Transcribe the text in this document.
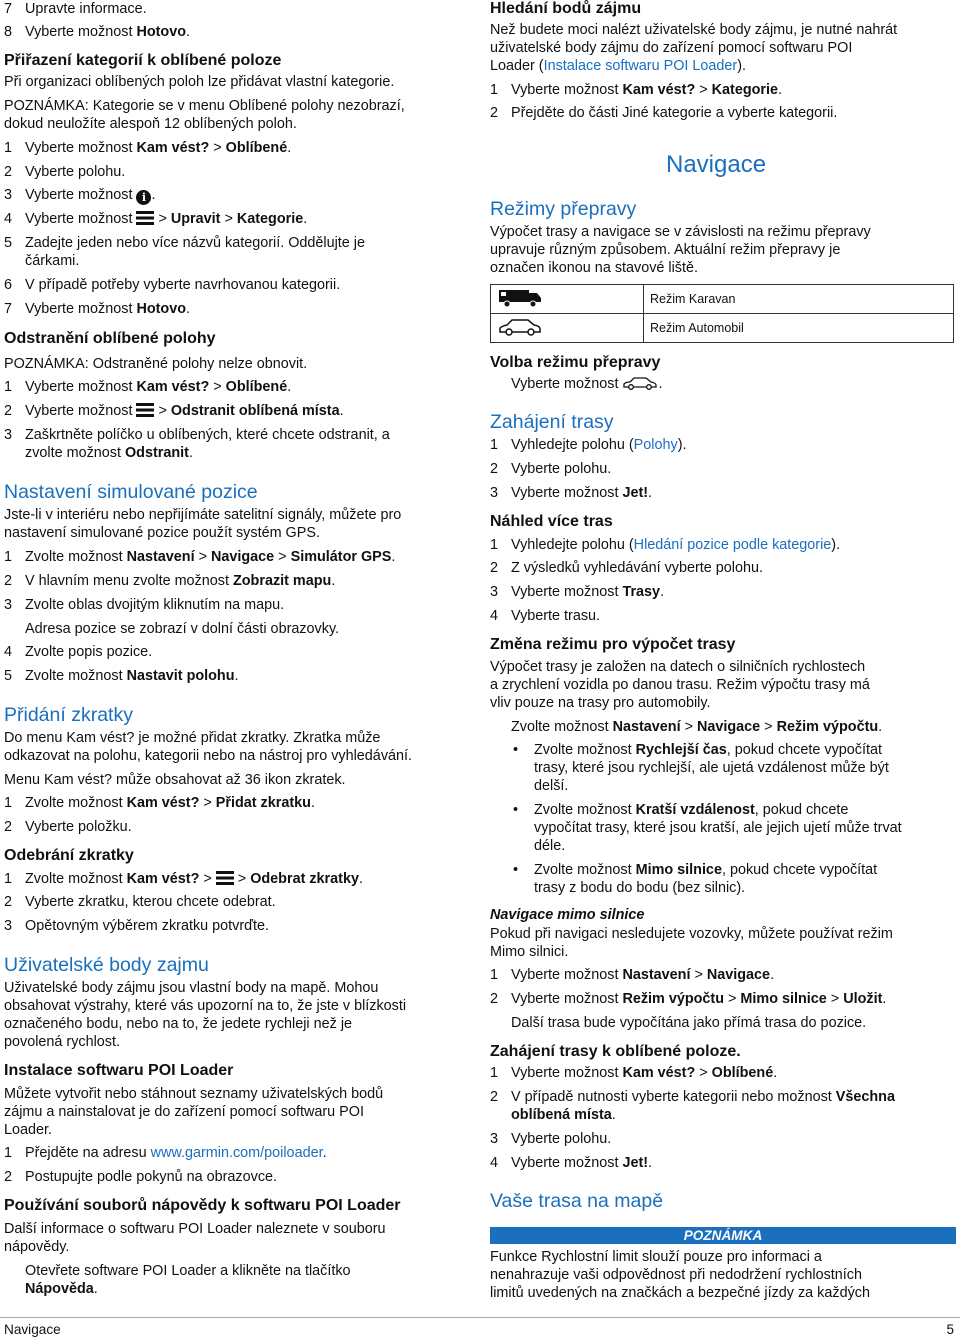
7 Upravte informace.
8 Vyberte možnost Hotovo.
Přiřazení kategorií k oblíbené poloze
Při organizaci oblíbených poloh lze přidávat vlastní kategorie.
POZNÁMKA: Kategorie se v menu Oblíbené polohy nezobrazí,
dokud neuložíte alespoň 12 oblíbených poloh.
1 Vyberte možnost Kam vést? > Oblíbené.
2 Vyberte polohu.
3 Vyberte možnost i .
4 Vyberte možnost  > Upravit > Kategorie.
5 Zadejte jeden nebo více názvů kategorií. Oddělujte je
čárkami.
6 V případě potřeby vyberte navrhovanou kategorii.
7 Vyberte možnost Hotovo.
Odstranění oblíbené polohy
POZNÁMKA: Odstraněné polohy nelze obnovit.
1 Vyberte možnost Kam vést? > Oblíbené.
2 Vyberte možnost  > Odstranit oblíbená místa.
3 Zaškrtněte políčko u oblíbených, které chcete odstranit, a
zvolte možnost Odstranit.
Nastavení simulované pozice
Jste-li v interiéru nebo nepřijímáte satelitní signály, můžete pro
nastavení simulované pozice použít systém GPS.
1 Zvolte možnost Nastavení > Navigace > Simulátor GPS.
2 V hlavním menu zvolte možnost Zobrazit mapu.
3 Zvolte oblas dvojitým kliknutím na mapu.
Adresa pozice se zobrazí v dolní části obrazovky.
4 Zvolte popis pozice.
5 Zvolte možnost Nastavit polohu.
Přidání zkratky
Do menu Kam vést? je možné přidat zkratky. Zkratka může
odkazovat na polohu, kategorii nebo na nástroj pro vyhledávání.
Menu Kam vést? může obsahovat až 36 ikon zkratek.
1 Zvolte možnost Kam vést? > Přidat zkratku.
2 Vyberte položku.
Odebrání zkratky
1 Zvolte možnost Kam vést? >  > Odebrat zkratky.
2 Vyberte zkratku, kterou chcete odebrat.
3 Opětovným výběrem zkratku potvrďte.
Uživatelské body zajmu
Uživatelské body zájmu jsou vlastní body na mapě. Mohou
obsahovat výstrahy, které vás upozorní na to, že jste v blízkosti
označeného bodu, nebo na to, že jedete rychleji než je
povolená rychlost.
Instalace softwaru POI Loader
Můžete vytvořit nebo stáhnout seznamy uživatelských bodů
zájmu a nainstalovat je do zařízení pomocí softwaru POI
Loader.
1 Přejděte na adresu www.garmin.com/poiloader.
2 Postupujte podle pokynů na obrazovce.
Používání souborů nápovědy k softwaru POI Loader
Další informace o softwaru POI Loader naleznete v souboru
nápovědy.
Otevřete software POI Loader a klikněte na tlačítko
Nápověda.
Hledání bodů zájmu
Než budete moci nalézt uživatelské body zájmu, je nutné nahrát
uživatelské body zájmu do zařízení pomocí softwaru POI
Loader (Instalace softwaru POI Loader).
1 Vyberte možnost Kam vést? > Kategorie.
2 Přejděte do části Jiné kategorie a vyberte kategorii.
Navigace
Režimy přepravy
Výpočet trasy a navigace se v závislosti na režimu přepravy
upravuje různým způsobem. Aktuální režim přepravy je
označen ikonou na stavové liště.
	Režim Karavan
	Režim Automobil
Volba režimu přepravy
Vyberte možnost	.
Zahájení trasy
1 Vyhledejte polohu (Polohy).
2 Vyberte polohu.
3 Vyberte možnost Jet!.
Náhled více tras
1 Vyhledejte polohu (Hledání pozice podle kategorie).
2 Z výsledků vyhledávání vyberte polohu.
3 Vyberte možnost Trasy.
4 Vyberte trasu.
Změna režimu pro výpočet trasy
Výpočet trasy je založen na datech o silničních rychlostech
a zrychlení vozidla po danou trasu. Režim výpočtu trasy má
vliv pouze na trasy pro automobily.
Zvolte možnost Nastavení > Navigace > Režim výpočtu.
• Zvolte možnost Rychlejší čas, pokud chcete vypočítat
trasy, které jsou rychlejší, ale ujetá vzdálenost může být
delší.
• Zvolte možnost Kratší vzdálenost, pokud chcete
vypočítat trasy, které jsou kratší, ale jejich ujetí může trvat
déle.
• Zvolte možnost Mimo silnice, pokud chcete vypočítat
trasy z bodu do bodu (bez silnic).
Navigace mimo silnice
Pokud při navigaci nesledujete vozovky, můžete používat režim
Mimo silnici.
1 Vyberte možnost Nastavení > Navigace.
2 Vyberte možnost Režim výpočtu > Mimo silnice > Uložit.
Další trasa bude vypočítána jako přímá trasa do pozice.
Zahájení trasy k oblíbené poloze.
1 Vyberte možnost Kam vést? > Oblíbené.
2 V případě nutnosti vyberte kategorii nebo možnost Všechna
oblíbená místa.
3 Vyberte polohu.
4 Vyberte možnost Jet!.
Vaše trasa na mapě
POZNÁMKA
Funkce Rychlostní limit slouží pouze pro informaci a
nenahrazuje vaši odpovědnost při nedodržení rychlostních
limitů uvedených na značkách a bezpečné jízdy za každých
Navigace	5
